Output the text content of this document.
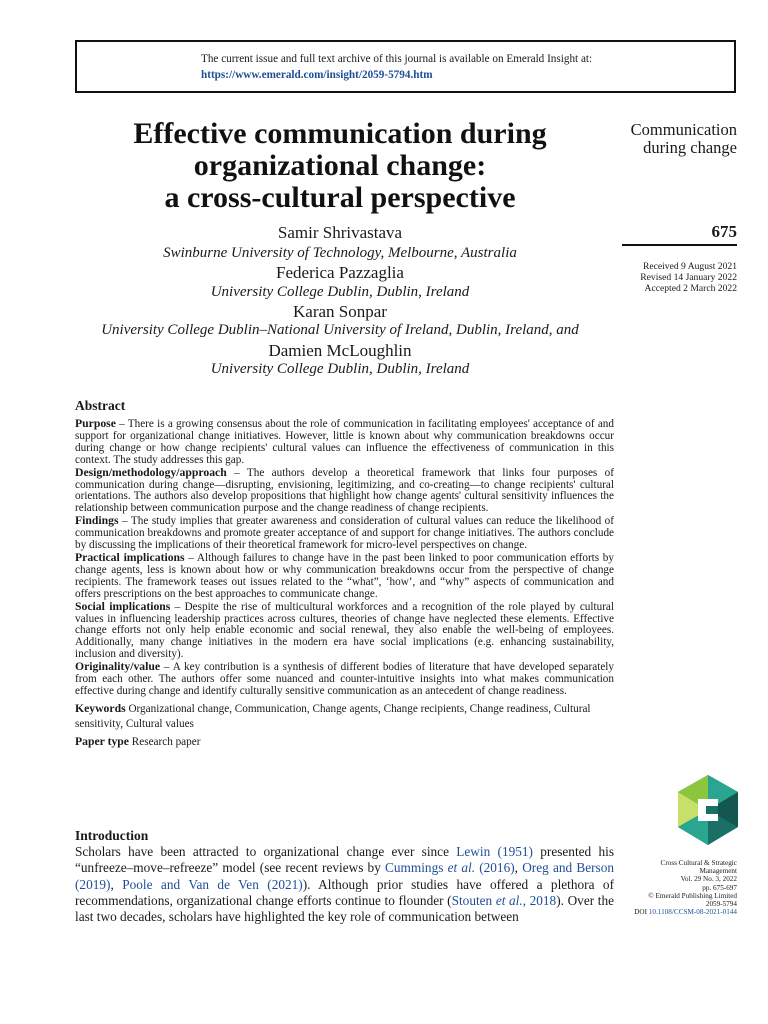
The current issue and full text archive of this journal is available on Emerald Insight at:
https://www.emerald.com/insight/2059-5794.htm
Effective communication during
organizational change:
a cross-cultural perspective
Samir Shrivastava
Swinburne University of Technology, Melbourne, Australia
Federica Pazzaglia
University College Dublin, Dublin, Ireland
Karan Sonpar
University College Dublin–National University of Ireland, Dublin, Ireland, and
Damien McLoughlin
University College Dublin, Dublin, Ireland
Communication
during change
675
Received 9 August 2021
Revised 14 January 2022
Accepted 2 March 2022
Abstract

Purpose – There is a growing consensus about the role of communication in facilitating employees' acceptance of and support for organizational change initiatives. However, little is known about why communication breakdowns occur during change or how change recipients' cultural values can influence the effectiveness of communication in this context. The study addresses this gap.

Design/methodology/approach – The authors develop a theoretical framework that links four purposes of communication during change—disrupting, envisioning, legitimizing, and co-creating—to change recipients' cultural orientations. The authors also develop propositions that highlight how change agents' cultural sensitivity influences the relationship between communication purpose and the change readiness of change recipients.

Findings – The study implies that greater awareness and consideration of cultural values can reduce the likelihood of communication breakdowns and promote greater acceptance of and support for change initiatives. The authors conclude by discussing the implications of their theoretical framework for micro-level perspectives on change.

Practical implications – Although failures to change have in the past been linked to poor communication efforts by change agents, less is known about how or why communication breakdowns occur from the perspective of change recipients. The framework teases out issues related to the “what”, ‘how’, and “why” aspects of communication and offers prescriptions on the best approaches to communicate change.

Social implications – Despite the rise of multicultural workforces and a recognition of the role played by cultural values in influencing leadership practices across cultures, theories of change have neglected these elements. Effective change efforts not only help enable economic and social renewal, they also enable the well-being of employees. Additionally, many change initiatives in the modern era have social implications (e.g. enhancing sustainability, inclusion and diversity).

Originality/value – A key contribution is a synthesis of different bodies of literature that have developed separately from each other. The authors offer some nuanced and counter-intuitive insights into what makes communication effective during change and identify culturally sensitive communication as an antecedent of change readiness.

Keywords Organizational change, Communication, Change agents, Change recipients, Change readiness, Cultural sensitivity, Cultural values
Paper type Research paper
Introduction

Scholars have been attracted to organizational change ever since Lewin (1951) presented his “unfreeze–move–refreeze” model (see recent reviews by Cummings et al. (2016), Oreg and Berson (2019), Poole and Van de Ven (2021)). Although prior studies have offered a plethora of recommendations, organizational change efforts continue to flounder (Stouten et al., 2018). Over the last two decades, scholars have highlighted the key role of communication between

Cross Cultural & Strategic
Management
Vol. 29 No. 3, 2022
pp. 675-697
© Emerald Publishing Limited
2059-5794
DOI 10.1108/CCSM-08-2021-0144
